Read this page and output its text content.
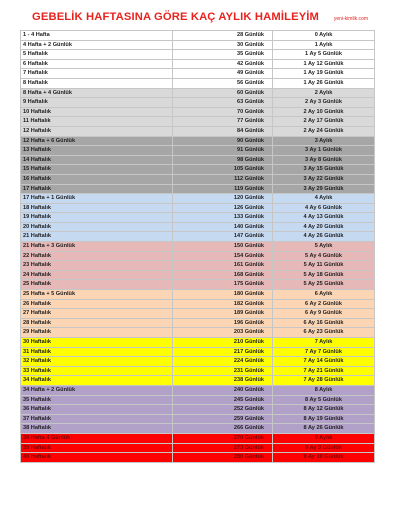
GEBELİK HAFTASINA GÖRE KAÇ AYLIK HAMİLEYİM	yeni-kimlik.com
1 - 4 Hafta	28 Günlük	0 Aylık
4 Hafta + 2 Günlük	30 Günlük	1 Aylık
5 Haftalık	35 Günlük	1 Ay 5 Günlük
6 Haftalık	42 Günlük	1 Ay 12 Günlük
7 Haftalık	49 Günlük	1 Ay 19 Günlük
8 Haftalık	56 Günlük	1 Ay 26 Günlük
8 Hafta + 4 Günlük	60 Günlük	2 Aylık
9 Haftalık	63 Günlük	2 Ay 3 Günlük
10 Haftalık	70 Günlük	2 Ay 10 Günlük
11 Haftalık	77 Günlük	2 Ay 17 Günlük
12 Haftalık	84 Günlük	2 Ay 24 Günlük
12 Hafta + 6 Günlük	90 Günlük	3 Aylık
13 Haftalık	91 Günlük	3 Ay 1 Günlük
14 Haftalık	98 Günlük	3 Ay 8 Günlük
15 Haftalık	105 Günlük	3 Ay 15 Günlük
16 Haftalık	112 Günlük	3 Ay 22 Günlük
17 Haftalık	119 Günlük	3 Ay 29 Günlük
17 Hafta + 1 Günlük	120 Günlük	4 Aylık
18 Haftalık	126 Günlük	4 Ay 6 Günlük
19 Haftalık	133 Günlük	4 Ay 13 Günlük
20 Haftalık	140 Günlük	4 Ay 20 Günlük
21 Haftalık	147 Günlük	4 Ay 26 Günlük
21 Hafta + 3 Günlük	150 Günlük	5 Aylık
22 Haftalık	154 Günlük	5 Ay 4 Günlük
23 Haftalık	161 Günlük	5 Ay 11 Günlük
24 Haftalık	168 Günlük	5 Ay 18 Günlük
25 Haftalık	175 Günlük	5 Ay 25 Günlük
25 Hafta + 5 Günlük	180 Günlük	6 Aylık
26 Haftalık	182 Günlük	6 Ay 2 Günlük
27 Haftalık	189 Günlük	6 Ay 9 Günlük
28 Haftalık	196 Günlük	6 Ay 16 Günlük
29 Haftalık	203 Günlük	6 Ay 23 Günlük
30 Haftalık	210 Günlük	7 Aylık
31 Haftalık	217 Günlük	7 Ay 7 Günlük
32 Haftalık	224 Günlük	7 Ay 14 Günlük
33 Haftalık	231 Günlük	7 Ay 21 Günlük
34 Haftalık	238 Günlük	7 Ay 28 Günlük
34 Hafta + 2 Günlük	240 Günlük	8 Aylık
35 Haftalık	245 Günlük	8 Ay 5 Günlük
36 Haftalık	252 Günlük	8 Ay 12 Günlük
37 Haftalık	259 Günlük	8 Ay 19 Günlük
38 Haftalık	266 Günlük	8 Ay 26 Günlük
38 Hafta 4 Günlük	270 Günlük	9 Aylık
39 Haftalık	273 Günlük	9 Ay 3 Günlük
40 Haftalık	280 Günlük	9 Ay 10 Günlük
